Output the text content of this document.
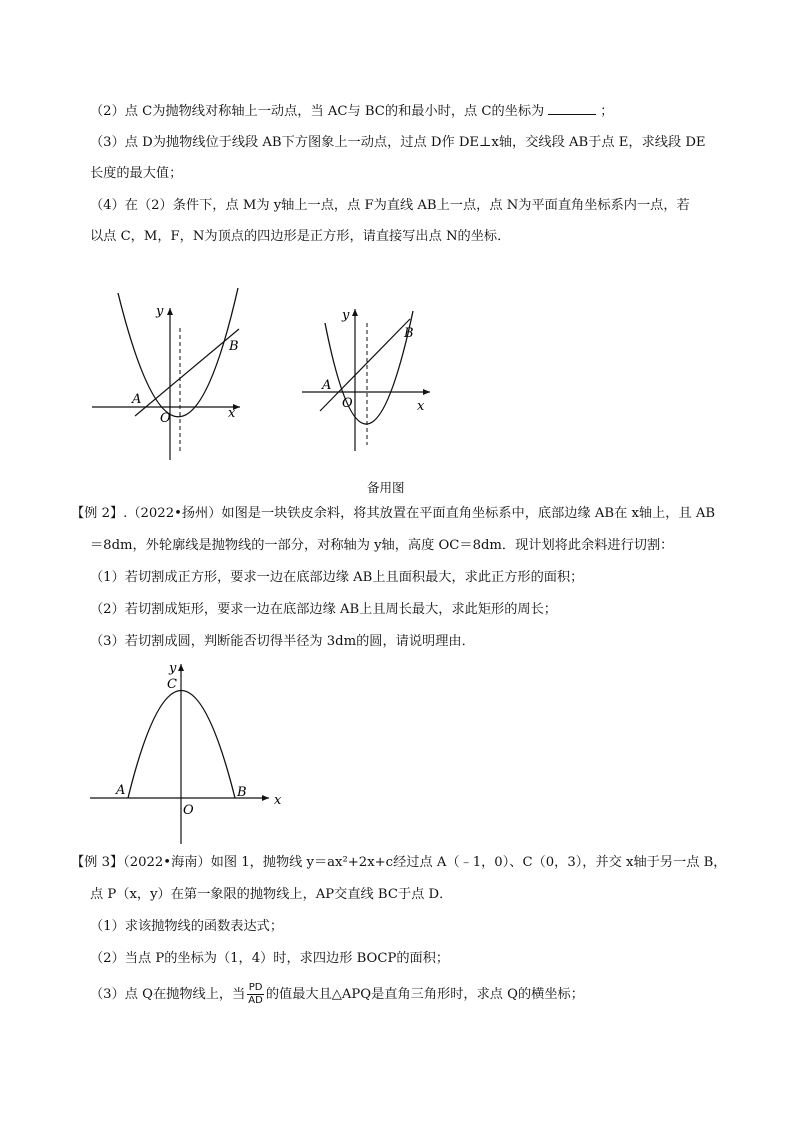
（2）点 C为抛物线对称轴上一动点，当 AC与 BC的和最小时，点 C的坐标为	；
（3）点 D为抛物线位于线段 AB下方图象上一动点，过点 D作 DE⊥x轴，交线段 AB于点 E，求线段 DE
长度的最大值；
（4）在（2）条件下，点 M为 y轴上一点，点 F为直线 AB上一点，点 N为平面直角坐标系内一点，若
以点 C，M，F，N为顶点的四边形是正方形，请直接写出点 N的坐标．
A
B
O	x
y
A
B
O	x
y
备用图
【例 2】.（2022•扬州）如图是一块铁皮余料，将其放置在平面直角坐标系中，底部边缘 AB在 x轴上，且 AB
＝8dm，外轮廓线是抛物线的一部分，对称轴为 y轴，高度 OC＝8dm．现计划将此余料进行切割：
（1）若切割成正方形，要求一边在底部边缘 AB上且面积最大，求此正方形的面积；
（2）若切割成矩形，要求一边在底部边缘 AB上且周长最大，求此矩形的周长；
（3）若切割成圆，判断能否切得半径为 3dm的圆，请说明理由．
A	B
C
O
x
y
【例 3】（2022•海南）如图 1，抛物线 y＝ax²+2x+c经过点 A（﹣1，0）、C（0，3），并交 x轴于另一点 B，
点 P（x，y）在第一象限的抛物线上，AP交直线 BC于点 D．
（1）求该抛物线的函数表达式；
（2）当点 P的坐标为（1，4）时，求四边形 BOCP的面积；
（3）点 Q在抛物线上，当 $\frac{PD}{AD}$ 的值最大且△APQ是直角三角形时，求点 Q的横坐标；
